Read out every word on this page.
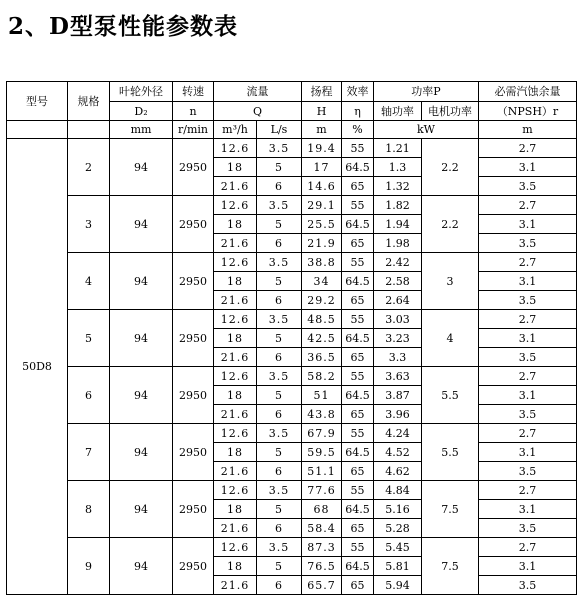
2、D型泵性能参数表
型号	规格	叶轮外径	转速	流量		扬程	效率	功率P		必需汽蚀余量
		D₂	n	Q		H	η	轴功率	电机功率	（NPSH）r
		mm	r/min	m³/h	L/s	m	%	kW		m
50D8	2	94	2950	12.6	3.5	19.4	55	1.21	2.2	2.7
				18	5	17	64.5	1.3		3.1
				21.6	6	14.6	65	1.32		3.5
	3	94	2950	12.6	3.5	29.1	55	1.82	2.2	2.7
				18	5	25.5	64.5	1.94		3.1
				21.6	6	21.9	65	1.98		3.5
	4	94	2950	12.6	3.5	38.8	55	2.42	3	2.7
				18	5	34	64.5	2.58		3.1
				21.6	6	29.2	65	2.64		3.5
	5	94	2950	12.6	3.5	48.5	55	3.03	4	2.7
				18	5	42.5	64.5	3.23		3.1
				21.6	6	36.5	65	3.3		3.5
	6	94	2950	12.6	3.5	58.2	55	3.63	5.5	2.7
				18	5	51	64.5	3.87		3.1
				21.6	6	43.8	65	3.96		3.5
	7	94	2950	12.6	3.5	67.9	55	4.24	5.5	2.7
				18	5	59.5	64.5	4.52		3.1
				21.6	6	51.1	65	4.62		3.5
	8	94	2950	12.6	3.5	77.6	55	4.84	7.5	2.7
				18	5	68	64.5	5.16		3.1
				21.6	6	58.4	65	5.28		3.5
	9	94	2950	12.6	3.5	87.3	55	5.45	7.5	2.7
				18	5	76.5	64.5	5.81		3.1
				21.6	6	65.7	65	5.94		3.5
